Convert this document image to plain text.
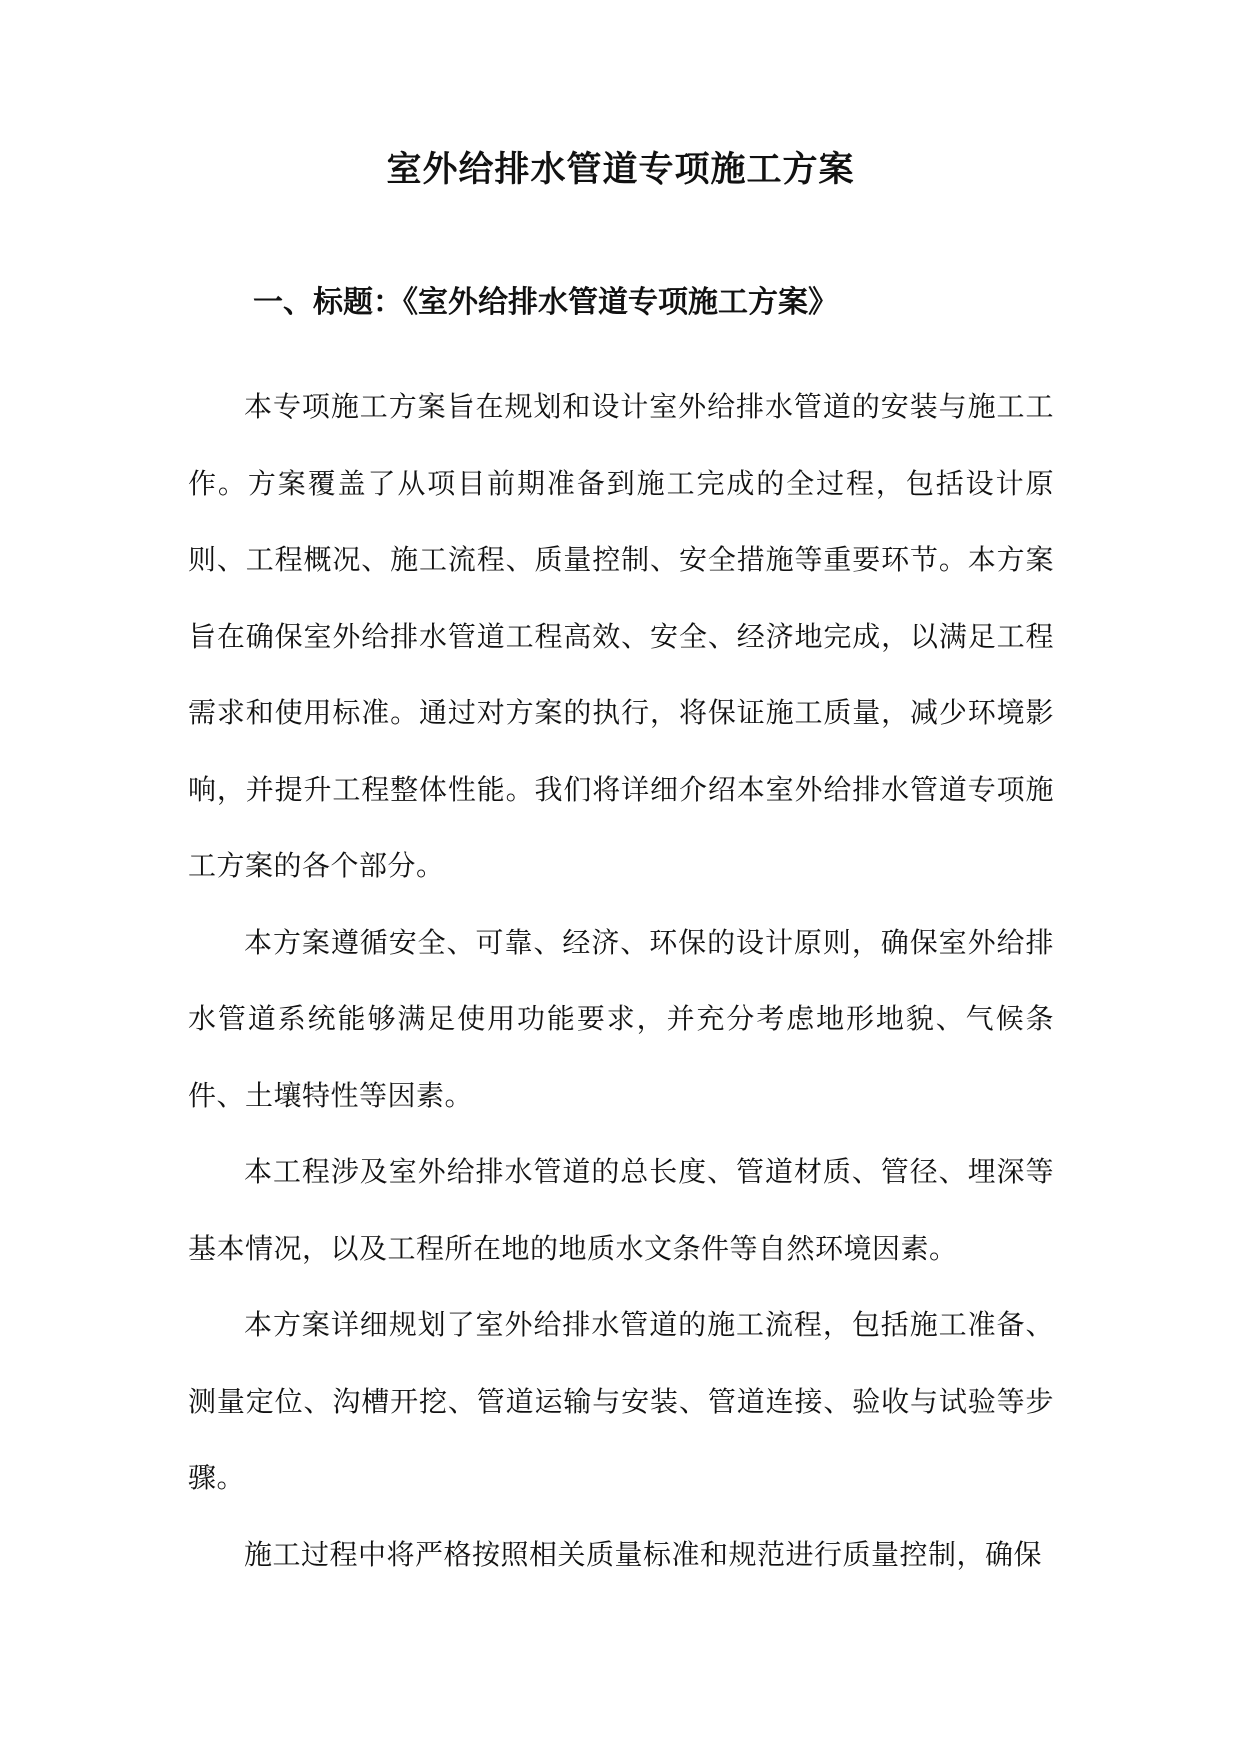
室外给排水管道专项施工方案
一、标题：《室外给排水管道专项施工方案》

本专项施工方案旨在规划和设计室外给排水管道的安装与施工工作。方案覆盖了从项目前期准备到施工完成的全过程，包括设计原则、工程概况、施工流程、质量控制、安全措施等重要环节。本方案旨在确保室外给排水管道工程高效、安全、经济地完成，以满足工程需求和使用标准。通过对方案的执行，将保证施工质量，减少环境影响，并提升工程整体性能。我们将详细介绍本室外给排水管道专项施工方案的各个部分。

本方案遵循安全、可靠、经济、环保的设计原则，确保室外给排水管道系统能够满足使用功能要求，并充分考虑地形地貌、气候条件、土壤特性等因素。

本工程涉及室外给排水管道的总长度、管道材质、管径、埋深等基本情况，以及工程所在地的地质水文条件等自然环境因素。

本方案详细规划了室外给排水管道的施工流程，包括施工准备、测量定位、沟槽开挖、管道运输与安装、管道连接、验收与试验等步骤。

施工过程中将严格按照相关质量标准和规范进行质量控制，确保
